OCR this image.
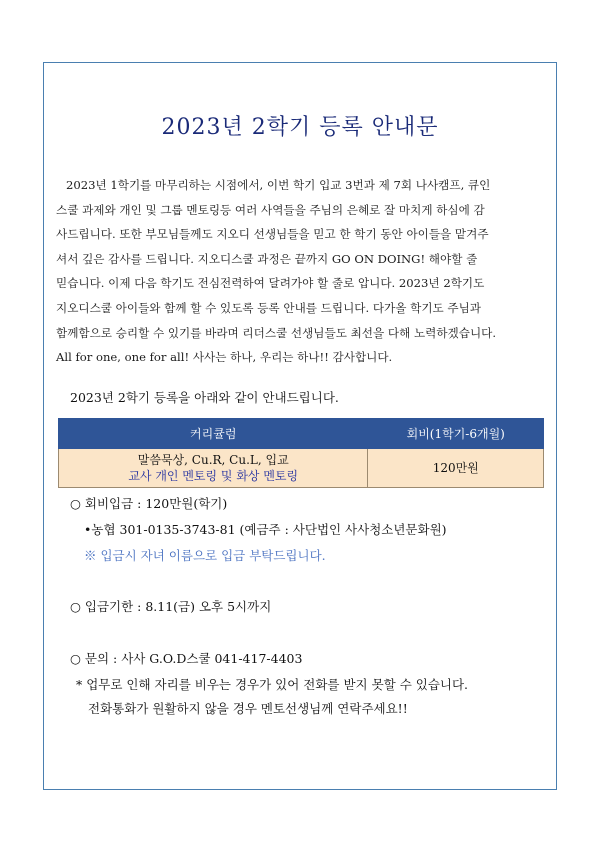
2023년 2학기 등록 안내문
2023년 1학기를 마무리하는 시점에서, 이번 학기 입교 3번과 제 7회 나사캠프, 큐인
스쿨 과제와 개인 및 그룹 멘토링등 여러 사역들을 주님의 은혜로 잘 마치게 하심에 감
사드립니다. 또한 부모님들께도 지오디 선생님들을 믿고 한 학기 동안 아이들을 맡겨주
셔서 깊은 감사를 드립니다. 지오디스쿨 과정은 끝까지 GO ON DOING! 해야할 줄
믿습니다. 이제 다음 학기도 전심전력하여 달려가야 할 줄로 압니다. 2023년 2학기도
지오디스쿨 아이들와 함께 할 수 있도록 등록 안내를 드립니다. 다가올 학기도 주님과
함께함으로 승리할 수 있기를 바라며 리더스쿨 선생님들도 최선을 다해 노력하겠습니다.
All for one, one for all! 사사는 하나, 우리는 하나!! 감사합니다.
2023년 2학기 등록을 아래와 같이 안내드립니다.
커리큘럼	회비(1학기-6개월)

말씀묵상, Cu.R, Cu.L, 입교
교사 개인 멘토링 및 화상 멘토링	120만원
○ 회비입금 : 120만원(학기)
•농협 301-0135-3743-81 (예금주 : 사단법인 사사청소년문화원)
※ 입금시 자녀 이름으로 입금 부탁드립니다.
○ 입금기한 : 8.11(금) 오후 5시까지
○ 문의 : 사사 G.O.D스쿨 041-417-4403
* 업무로 인해 자리를 비우는 경우가 있어 전화를 받지 못할 수 있습니다.
전화통화가 원활하지 않을 경우 멘토선생님께 연락주세요!!
